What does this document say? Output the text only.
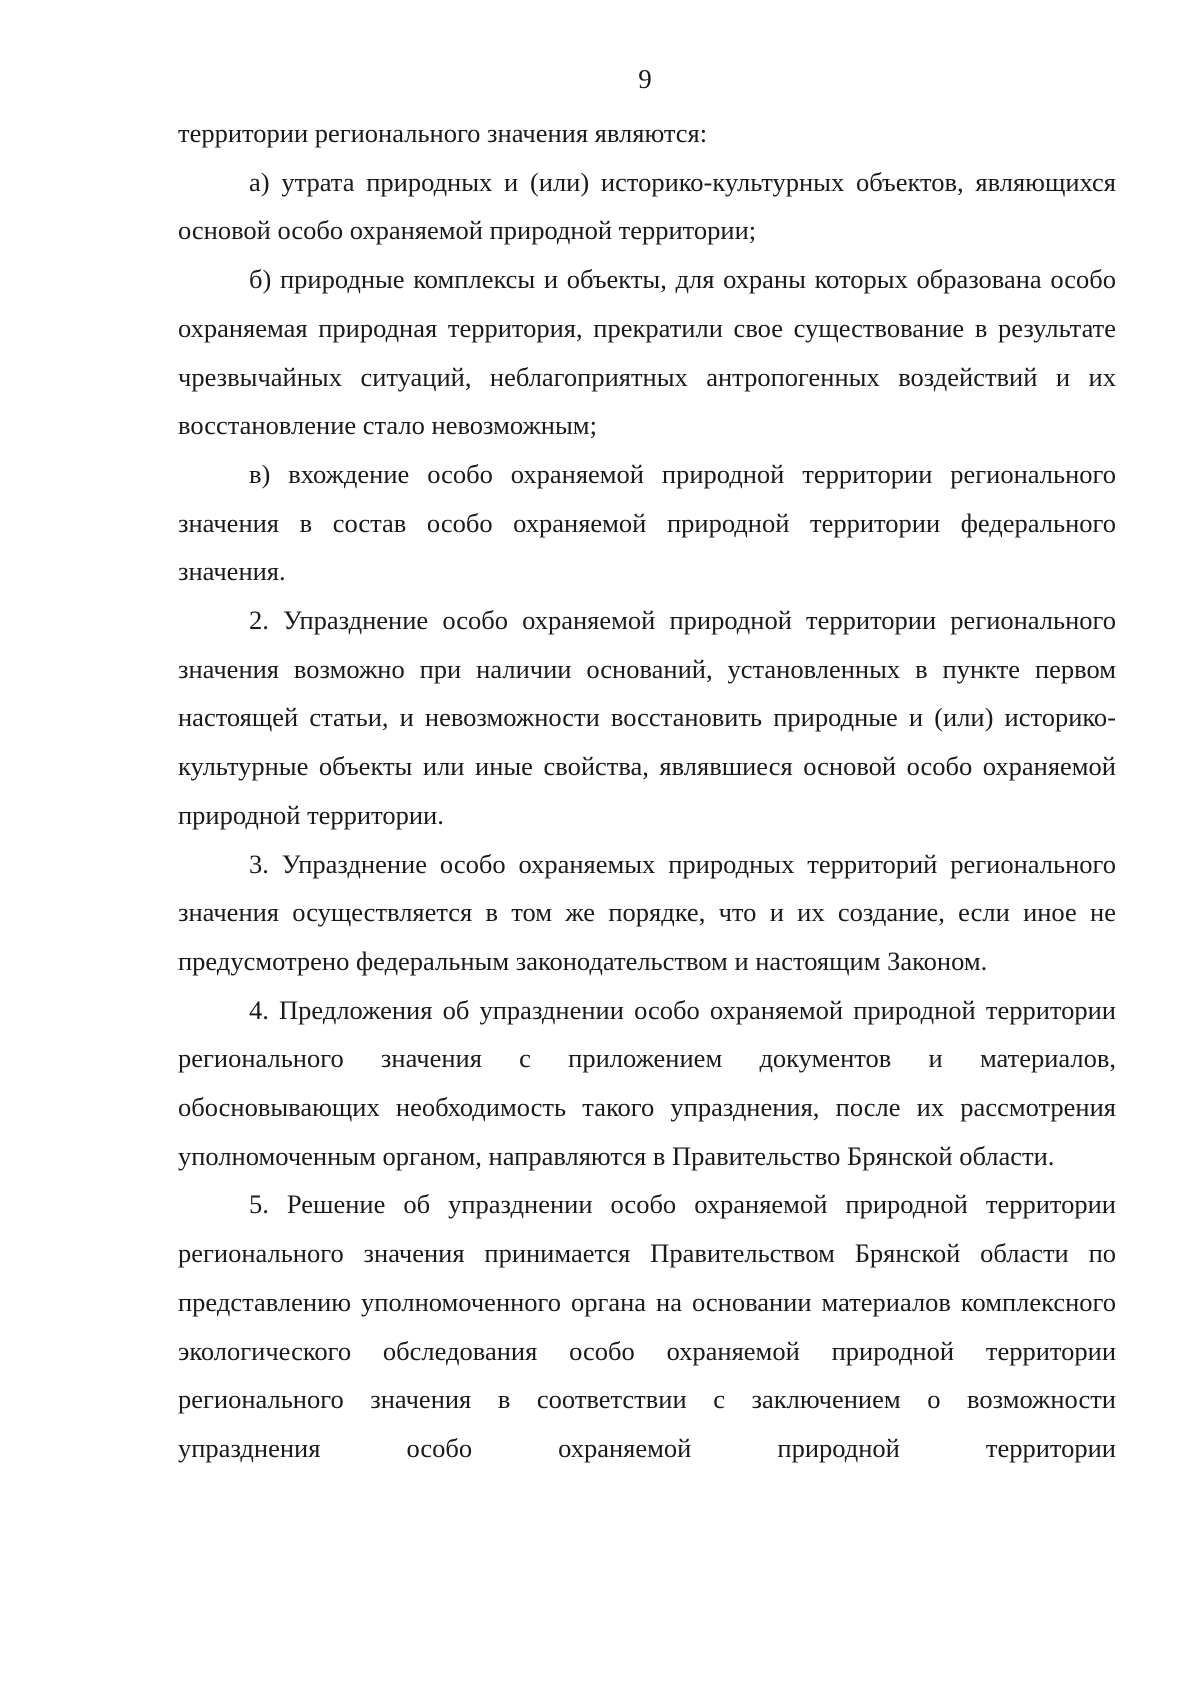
9

территории регионального значения являются:

а) утрата природных и (или) историко-культурных объектов, являющихся основой особо охраняемой природной территории;

б) природные комплексы и объекты, для охраны которых образована особо охраняемая природная территория, прекратили свое существование в результате чрезвычайных ситуаций, неблагоприятных антропогенных воздействий и их восстановление стало невозможным;

в) вхождение особо охраняемой природной территории регионального значения в состав особо охраняемой природной территории федерального значения.

2. Упразднение особо охраняемой природной территории регионального значения возможно при наличии оснований, установленных в пункте первом настоящей статьи, и невозможности восстановить природные и (или) историко-культурные объекты или иные свойства, являвшиеся основой особо охраняемой природной территории.

3. Упразднение особо охраняемых природных территорий регионального значения осуществляется в том же порядке, что и их создание, если иное не предусмотрено федеральным законодательством и настоящим Законом.

4. Предложения об упразднении особо охраняемой природной территории регионального значения с приложением документов и материалов, обосновывающих необходимость такого упразднения, после их рассмотрения уполномоченным органом, направляются в Правительство Брянской области.

5. Решение об упразднении особо охраняемой природной территории регионального значения принимается Правительством Брянской области по представлению уполномоченного органа на основании материалов комплексного экологического обследования особо охраняемой природной территории регионального значения в соответствии с заключением о возможности упразднения особо охраняемой природной территории
